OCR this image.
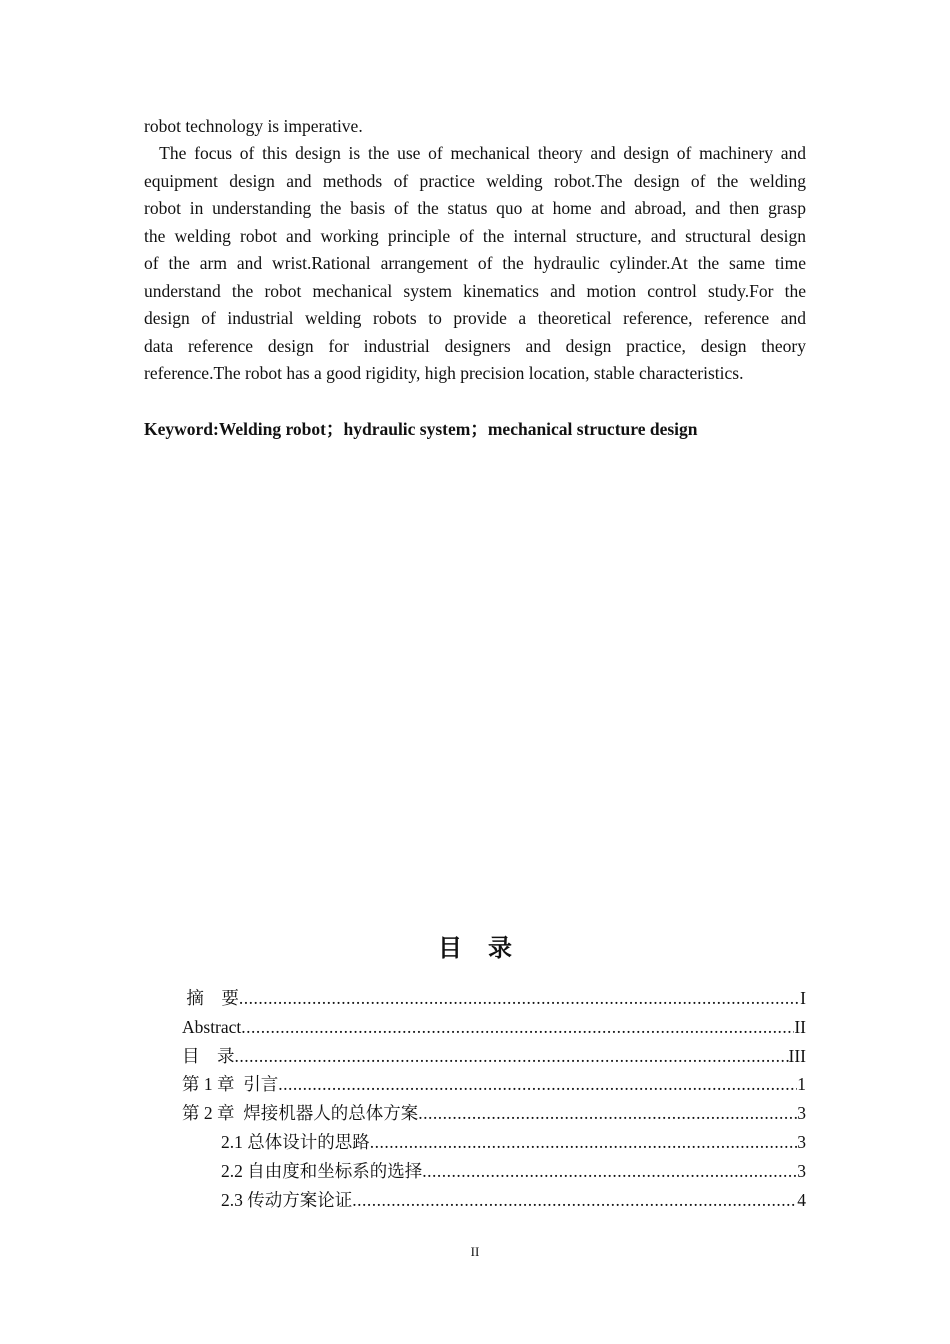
robot technology is imperative.
The focus of this design is the use of mechanical theory and design of machinery and
equipment design and methods of practice welding robot.The design of the welding
robot in understanding the basis of the status quo at home and abroad, and then grasp
the welding robot and working principle of the internal structure, and structural design
of the arm and wrist.Rational arrangement of the hydraulic cylinder.At the same time
understand the robot mechanical system kinematics and motion control study.For the
design of industrial welding robots to provide a theoretical reference, reference and
data reference design for industrial designers and design practice, design theory
reference.The robot has a good rigidity, high precision location, stable characteristics.
Keyword:Welding robot；hydraulic system；mechanical structure design
目录
摘　要 .....	I
Abstract .....	II
目　录 .....	III
第 1 章  引言 .....	1
第 2 章  焊接机器人的总体方案 .....	3
2.1 总体设计的思路 .....	3
2.2 自由度和坐标系的选择 .....	3
2.3 传动方案论证 .....	4
II
